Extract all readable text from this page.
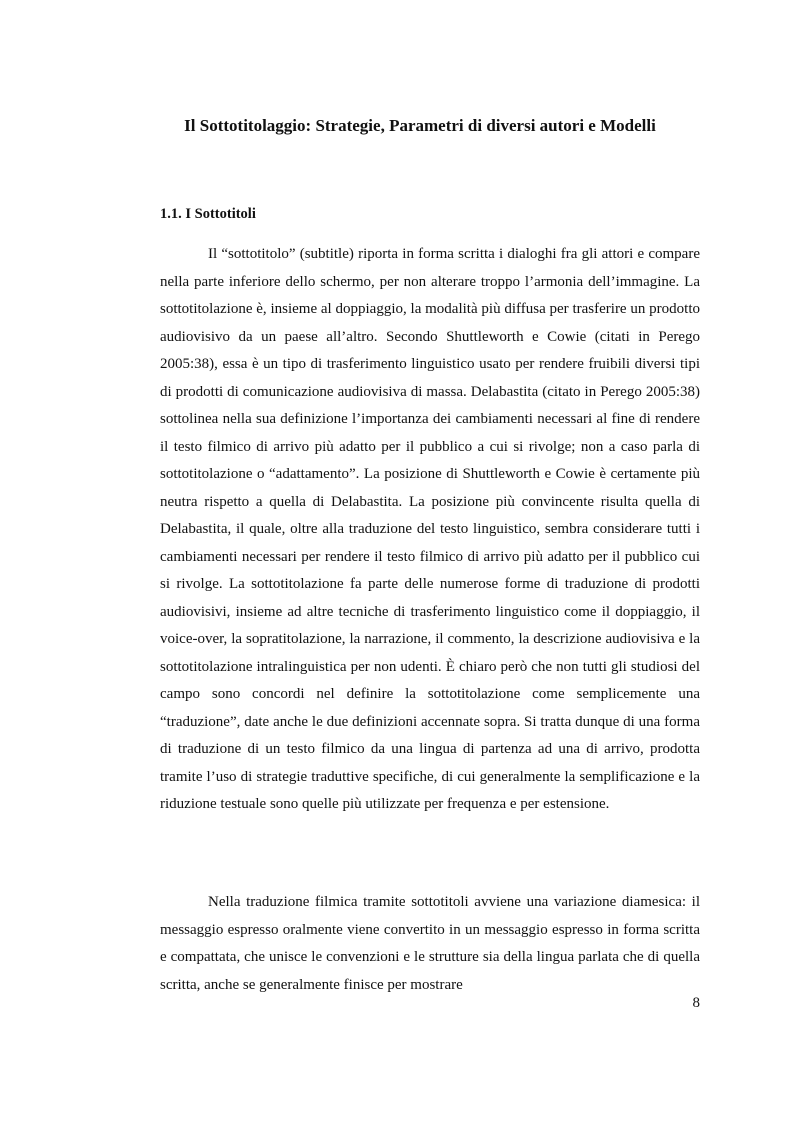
Il Sottotitolaggio: Strategie, Parametri di diversi autori e Modelli
1.1. I Sottotitoli

Il “sottotitolo” (subtitle) riporta in forma scritta i dialoghi fra gli attori e compare nella parte inferiore dello schermo, per non alterare troppo l’armonia dell’immagine. La sottotitolazione è, insieme al doppiaggio, la modalità più diffusa per trasferire un prodotto audiovisivo da un paese all’altro. Secondo Shuttleworth e Cowie (citati in Perego 2005:38), essa è un tipo di trasferimento linguistico usato per rendere fruibili diversi tipi di prodotti di comunicazione audiovisiva di massa. Delabastita (citato in Perego 2005:38) sottolinea nella sua definizione l’importanza dei cambiamenti necessari al fine di rendere il testo filmico di arrivo più adatto per il pubblico a cui si rivolge; non a caso parla di sottotitolazione o “adattamento”. La posizione di Shuttleworth e Cowie è certamente più neutra rispetto a quella di Delabastita. La posizione più convincente risulta quella di Delabastita, il quale, oltre alla traduzione del testo linguistico, sembra considerare tutti i cambiamenti necessari per rendere il testo filmico di arrivo più adatto per il pubblico cui si rivolge. La sottotitolazione fa parte delle numerose forme di traduzione di prodotti audiovisivi, insieme ad altre tecniche di trasferimento linguistico come il doppiaggio, il voice-over, la sopratitolazione, la narrazione, il commento, la descrizione audiovisiva e la sottotitolazione intralinguistica per non udenti. È chiaro però che non tutti gli studiosi del campo sono concordi nel definire la sottotitolazione come semplicemente una “traduzione”, date anche le due definizioni accennate sopra. Si tratta dunque di una forma di traduzione di un testo filmico da una lingua di partenza ad una di arrivo, prodotta tramite l’uso di strategie traduttive specifiche, di cui generalmente la semplificazione e la riduzione testuale sono quelle più utilizzate per frequenza e per estensione.

Nella traduzione filmica tramite sottotitoli avviene una variazione diamesica: il messaggio espresso oralmente viene convertito in un messaggio espresso in forma scritta e compattata, che unisce le convenzioni e le strutture sia della lingua parlata che di quella scritta, anche se generalmente finisce per mostrare

8
